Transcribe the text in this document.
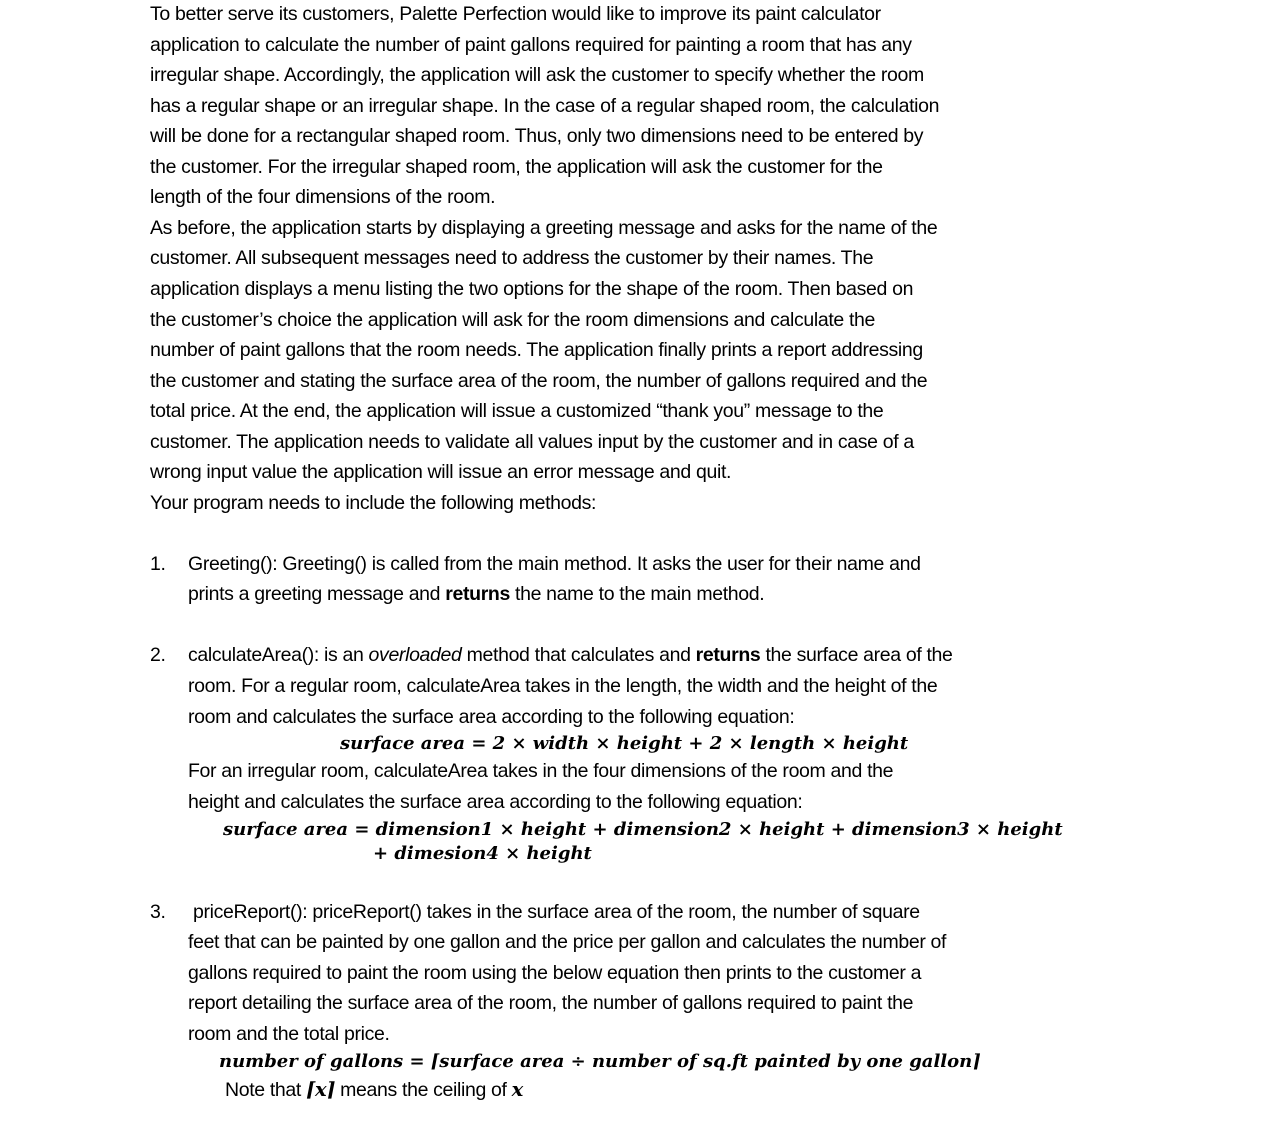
To better serve its customers, Palette Perfection would like to improve its paint calculator
application to calculate the number of paint gallons required for painting a room that has any
irregular shape. Accordingly, the application will ask the customer to specify whether the room
has a regular shape or an irregular shape. In the case of a regular shaped room, the calculation
will be done for a rectangular shaped room. Thus, only two dimensions need to be entered by
the customer. For the irregular shaped room, the application will ask the customer for the
length of the four dimensions of the room.
As before, the application starts by displaying a greeting message and asks for the name of the
customer. All subsequent messages need to address the customer by their names. The
application displays a menu listing the two options for the shape of the room. Then based on
the customer’s choice the application will ask for the room dimensions and calculate the
number of paint gallons that the room needs. The application finally prints a report addressing
the customer and stating the surface area of the room, the number of gallons required and the
total price. At the end, the application will issue a customized “thank you” message to the
customer. The application needs to validate all values input by the customer and in case of a
wrong input value the application will issue an error message and quit.
Your program needs to include the following methods:
1. Greeting(): Greeting() is called from the main method. It asks the user for their name and
prints a greeting message and returns the name to the main method.
2. calculateArea(): is an overloaded method that calculates and returns the surface area of the
room. For a regular room, calculateArea takes in the length, the width and the height of the
room and calculates the surface area according to the following equation:
surface area = 2 × width × height + 2 × length × height
For an irregular room, calculateArea takes in the four dimensions of the room and the
height and calculates the surface area according to the following equation:
surface area = dimension1 × height + dimension2 × height + dimension3 × height
+ dimesion4 × height
3. priceReport(): priceReport() takes in the surface area of the room, the number of square
feet that can be painted by one gallon and the price per gallon and calculates the number of
gallons required to paint the room using the below equation then prints to the customer a
report detailing the surface area of the room, the number of gallons required to paint the
room and the total price.
number of gallons = ⌈surface area ÷ number of sq.ft painted by one gallon⌉
Note that ⌈x⌉ means the ceiling of x
